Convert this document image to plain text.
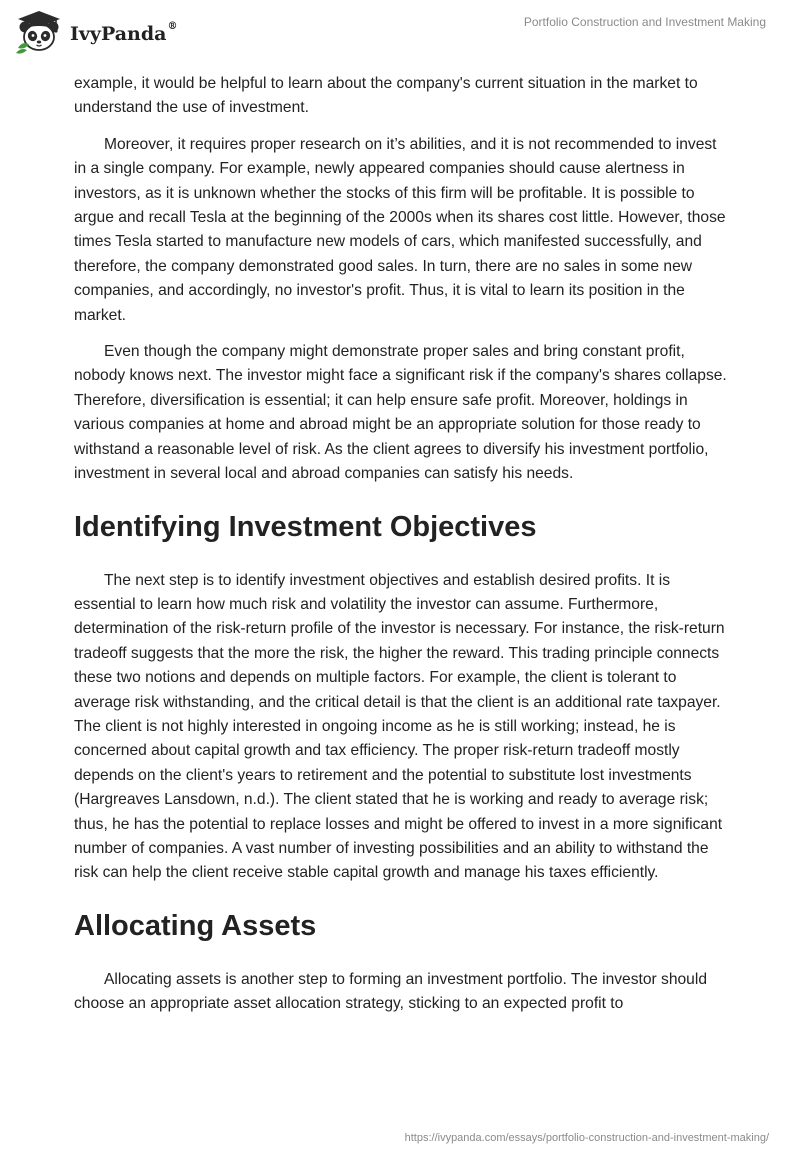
IvyPanda®	Portfolio Construction and Investment Making

example, it would be helpful to learn about the company's current situation in the market to understand the use of investment.

Moreover, it requires proper research on it’s abilities, and it is not recommended to invest in a single company. For example, newly appeared companies should cause alertness in investors, as it is unknown whether the stocks of this firm will be profitable. It is possible to argue and recall Tesla at the beginning of the 2000s when its shares cost little. However, those times Tesla started to manufacture new models of cars, which manifested successfully, and therefore, the company demonstrated good sales. In turn, there are no sales in some new companies, and accordingly, no investor's profit. Thus, it is vital to learn its position in the market.

Even though the company might demonstrate proper sales and bring constant profit, nobody knows next. The investor might face a significant risk if the company's shares collapse. Therefore, diversification is essential; it can help ensure safe profit. Moreover, holdings in various companies at home and abroad might be an appropriate solution for those ready to withstand a reasonable level of risk. As the client agrees to diversify his investment portfolio, investment in several local and abroad companies can satisfy his needs.

Identifying Investment Objectives

The next step is to identify investment objectives and establish desired profits. It is essential to learn how much risk and volatility the investor can assume. Furthermore, determination of the risk-return profile of the investor is necessary. For instance, the risk-return tradeoff suggests that the more the risk, the higher the reward. This trading principle connects these two notions and depends on multiple factors. For example, the client is tolerant to average risk withstanding, and the critical detail is that the client is an additional rate taxpayer. The client is not highly interested in ongoing income as he is still working; instead, he is concerned about capital growth and tax efficiency. The proper risk-return tradeoff mostly depends on the client's years to retirement and the potential to substitute lost investments (Hargreaves Lansdown, n.d.). The client stated that he is working and ready to average risk; thus, he has the potential to replace losses and might be offered to invest in a more significant number of companies. A vast number of investing possibilities and an ability to withstand the risk can help the client receive stable capital growth and manage his taxes efficiently.

Allocating Assets

Allocating assets is another step to forming an investment portfolio. The investor should choose an appropriate asset allocation strategy, sticking to an expected profit to

https://ivypanda.com/essays/portfolio-construction-and-investment-making/
